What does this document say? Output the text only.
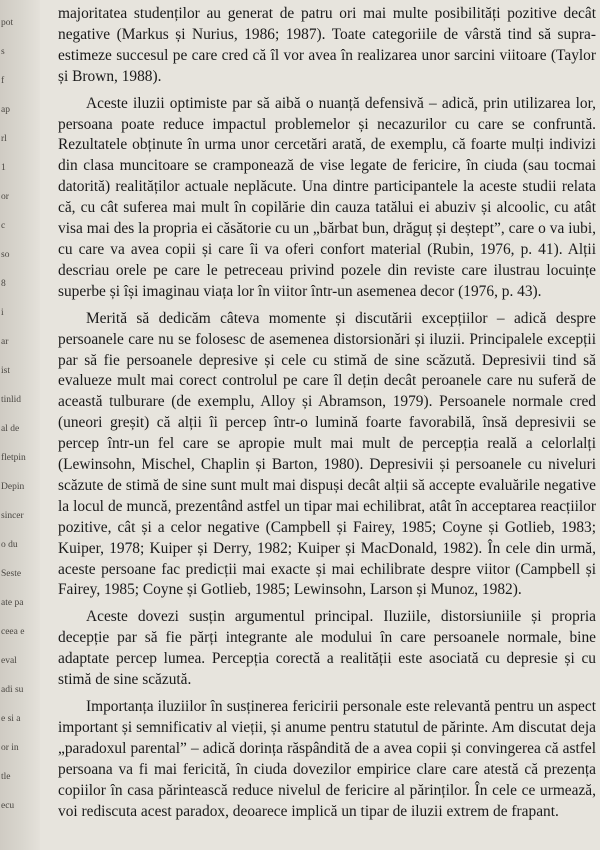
pot
s
f
ap
rl
1
or
c
so
8
i
ar
ist
tinlid
al de
fletpin
Depin
sincer
o du
Seste
ate pa
ceea e
eval
adi su
e si a
or in
tle
ecu

majoritatea studenților au generat de patru ori mai multe posibilități pozitive decât negative (Markus și Nurius, 1986; 1987). Toate categoriile de vârstă tind să supra-estimeze succesul pe care cred că îl vor avea în realizarea unor sarcini viitoare (Taylor și Brown, 1988).

Aceste iluzii optimiste par să aibă o nuanță defensivă – adică, prin utilizarea lor, persoana poate reduce impactul problemelor și necazurilor cu care se confruntă. Rezultatele obținute în urma unor cercetări arată, de exemplu, că foarte mulți indivizi din clasa muncitoare se cramponează de vise legate de fericire, în ciuda (sau tocmai datorită) realităților actuale neplăcute. Una dintre participantele la aceste studii relata că, cu cât suferea mai mult în copilărie din cauza tatălui ei abuziv și alcoolic, cu atât visa mai des la propria ei căsătorie cu un „bărbat bun, drăguț și deștept”, care o va iubi, cu care va avea copii și care îi va oferi confort material (Rubin, 1976, p. 41). Alții descriau orele pe care le petreceau privind pozele din reviste care ilustrau locuințe superbe și își imaginau viața lor în viitor într-un asemenea decor (1976, p. 43).

Merită să dedicăm câteva momente și discutării excepțiilor – adică despre persoanele care nu se folosesc de asemenea distorsionări și iluzii. Principalele excepții par să fie persoanele depresive și cele cu stimă de sine scăzută. Depresivii tind să evalueze mult mai corect controlul pe care îl dețin decât peroanele care nu suferă de această tulburare (de exemplu, Alloy și Abramson, 1979). Persoanele normale cred (uneori greșit) că alții îi percep într-o lumină foarte favorabilă, însă depresivii se percep într-un fel care se apropie mult mai mult de percepția reală a celorlalți (Lewinsohn, Mischel, Chaplin și Barton, 1980). Depresivii și persoanele cu niveluri scăzute de stimă de sine sunt mult mai dispuși decât alții să accepte evaluările negative la locul de muncă, prezentând astfel un tipar mai echilibrat, atât în acceptarea reacțiilor pozitive, cât și a celor negative (Campbell și Fairey, 1985; Coyne și Gotlieb, 1983; Kuiper, 1978; Kuiper și Derry, 1982; Kuiper și MacDonald, 1982). În cele din urmă, aceste persoane fac predicții mai exacte și mai echilibrate despre viitor (Campbell și Fairey, 1985; Coyne și Gotlieb, 1985; Lewinsohn, Larson și Munoz, 1982).

Aceste dovezi susțin argumentul principal. Iluziile, distorsiuniile și propria decepție par să fie părți integrante ale modului în care persoanele normale, bine adaptate percep lumea. Percepția corectă a realității este asociată cu depresie și cu stimă de sine scăzută.

Importanța iluziilor în susținerea fericirii personale este relevantă pentru un aspect important și semnificativ al vieții, și anume pentru statutul de părinte. Am discutat deja „paradoxul parental” – adică dorința răspândită de a avea copii și convingerea că astfel persoana va fi mai fericită, în ciuda dovezilor empirice clare care atestă că prezența copiilor în casa părintească reduce nivelul de fericire al părinților. În cele ce urmează, voi rediscuta acest paradox, deoarece implică un tipar de iluzii extrem de frapant.
